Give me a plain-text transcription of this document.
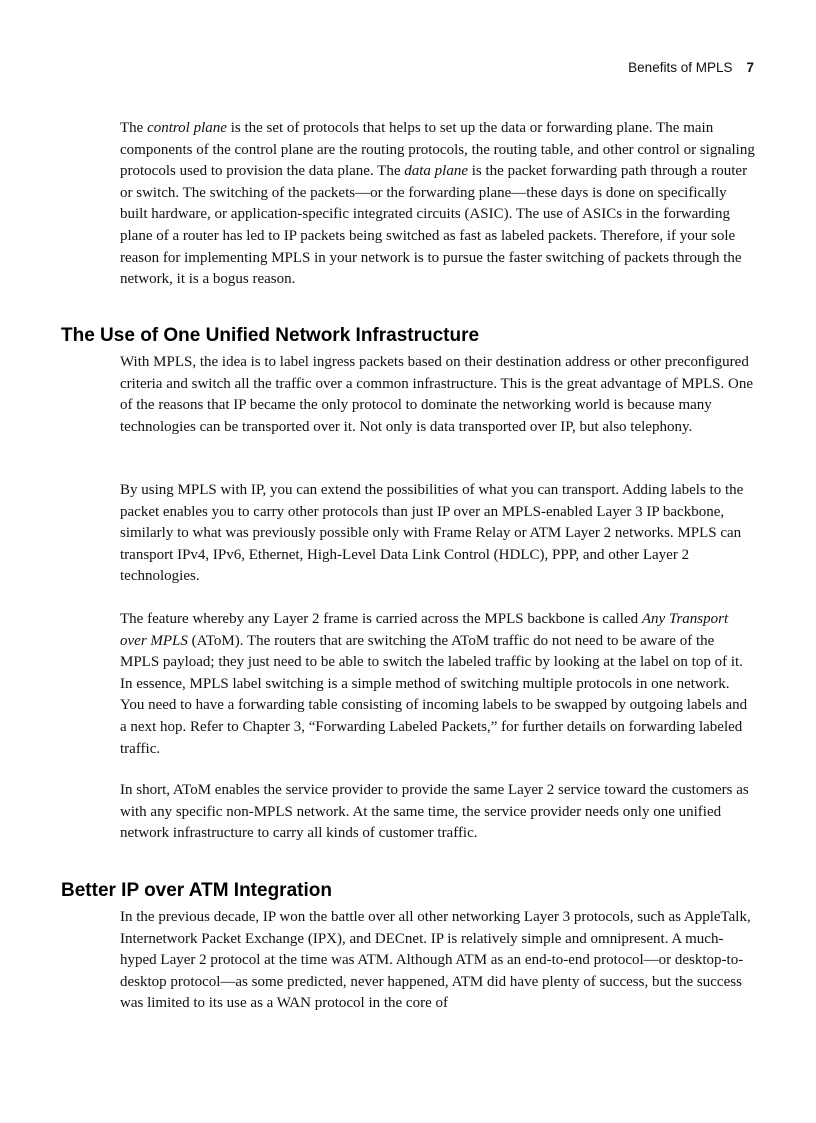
Benefits of MPLS 7

The control plane is the set of protocols that helps to set up the data or forwarding plane. The main components of the control plane are the routing protocols, the routing table, and other control or signaling protocols used to provision the data plane. The data plane is the packet forwarding path through a router or switch. The switching of the packets—or the forwarding plane—these days is done on specifically built hardware, or application-specific integrated circuits (ASIC). The use of ASICs in the forwarding plane of a router has led to IP packets being switched as fast as labeled packets. Therefore, if your sole reason for implementing MPLS in your network is to pursue the faster switching of packets through the network, it is a bogus reason.

The Use of One Unified Network Infrastructure

With MPLS, the idea is to label ingress packets based on their destination address or other preconfigured criteria and switch all the traffic over a common infrastructure. This is the great advantage of MPLS. One of the reasons that IP became the only protocol to dominate the networking world is because many technologies can be transported over it. Not only is data transported over IP, but also telephony.

By using MPLS with IP, you can extend the possibilities of what you can transport. Adding labels to the packet enables you to carry other protocols than just IP over an MPLS-enabled Layer 3 IP backbone, similarly to what was previously possible only with Frame Relay or ATM Layer 2 networks. MPLS can transport IPv4, IPv6, Ethernet, High-Level Data Link Control (HDLC), PPP, and other Layer 2 technologies.

The feature whereby any Layer 2 frame is carried across the MPLS backbone is called Any Transport over MPLS (AToM). The routers that are switching the AToM traffic do not need to be aware of the MPLS payload; they just need to be able to switch the labeled traffic by looking at the label on top of it. In essence, MPLS label switching is a simple method of switching multiple protocols in one network. You need to have a forwarding table consisting of incoming labels to be swapped by outgoing labels and a next hop. Refer to Chapter 3, “Forwarding Labeled Packets,” for further details on forwarding labeled traffic.

In short, AToM enables the service provider to provide the same Layer 2 service toward the customers as with any specific non-MPLS network. At the same time, the service provider needs only one unified network infrastructure to carry all kinds of customer traffic.

Better IP over ATM Integration

In the previous decade, IP won the battle over all other networking Layer 3 protocols, such as AppleTalk, Internetwork Packet Exchange (IPX), and DECnet. IP is relatively simple and omnipresent. A much-hyped Layer 2 protocol at the time was ATM. Although ATM as an end-to-end protocol—or desktop-to-desktop protocol—as some predicted, never happened, ATM did have plenty of success, but the success was limited to its use as a WAN protocol in the core of
